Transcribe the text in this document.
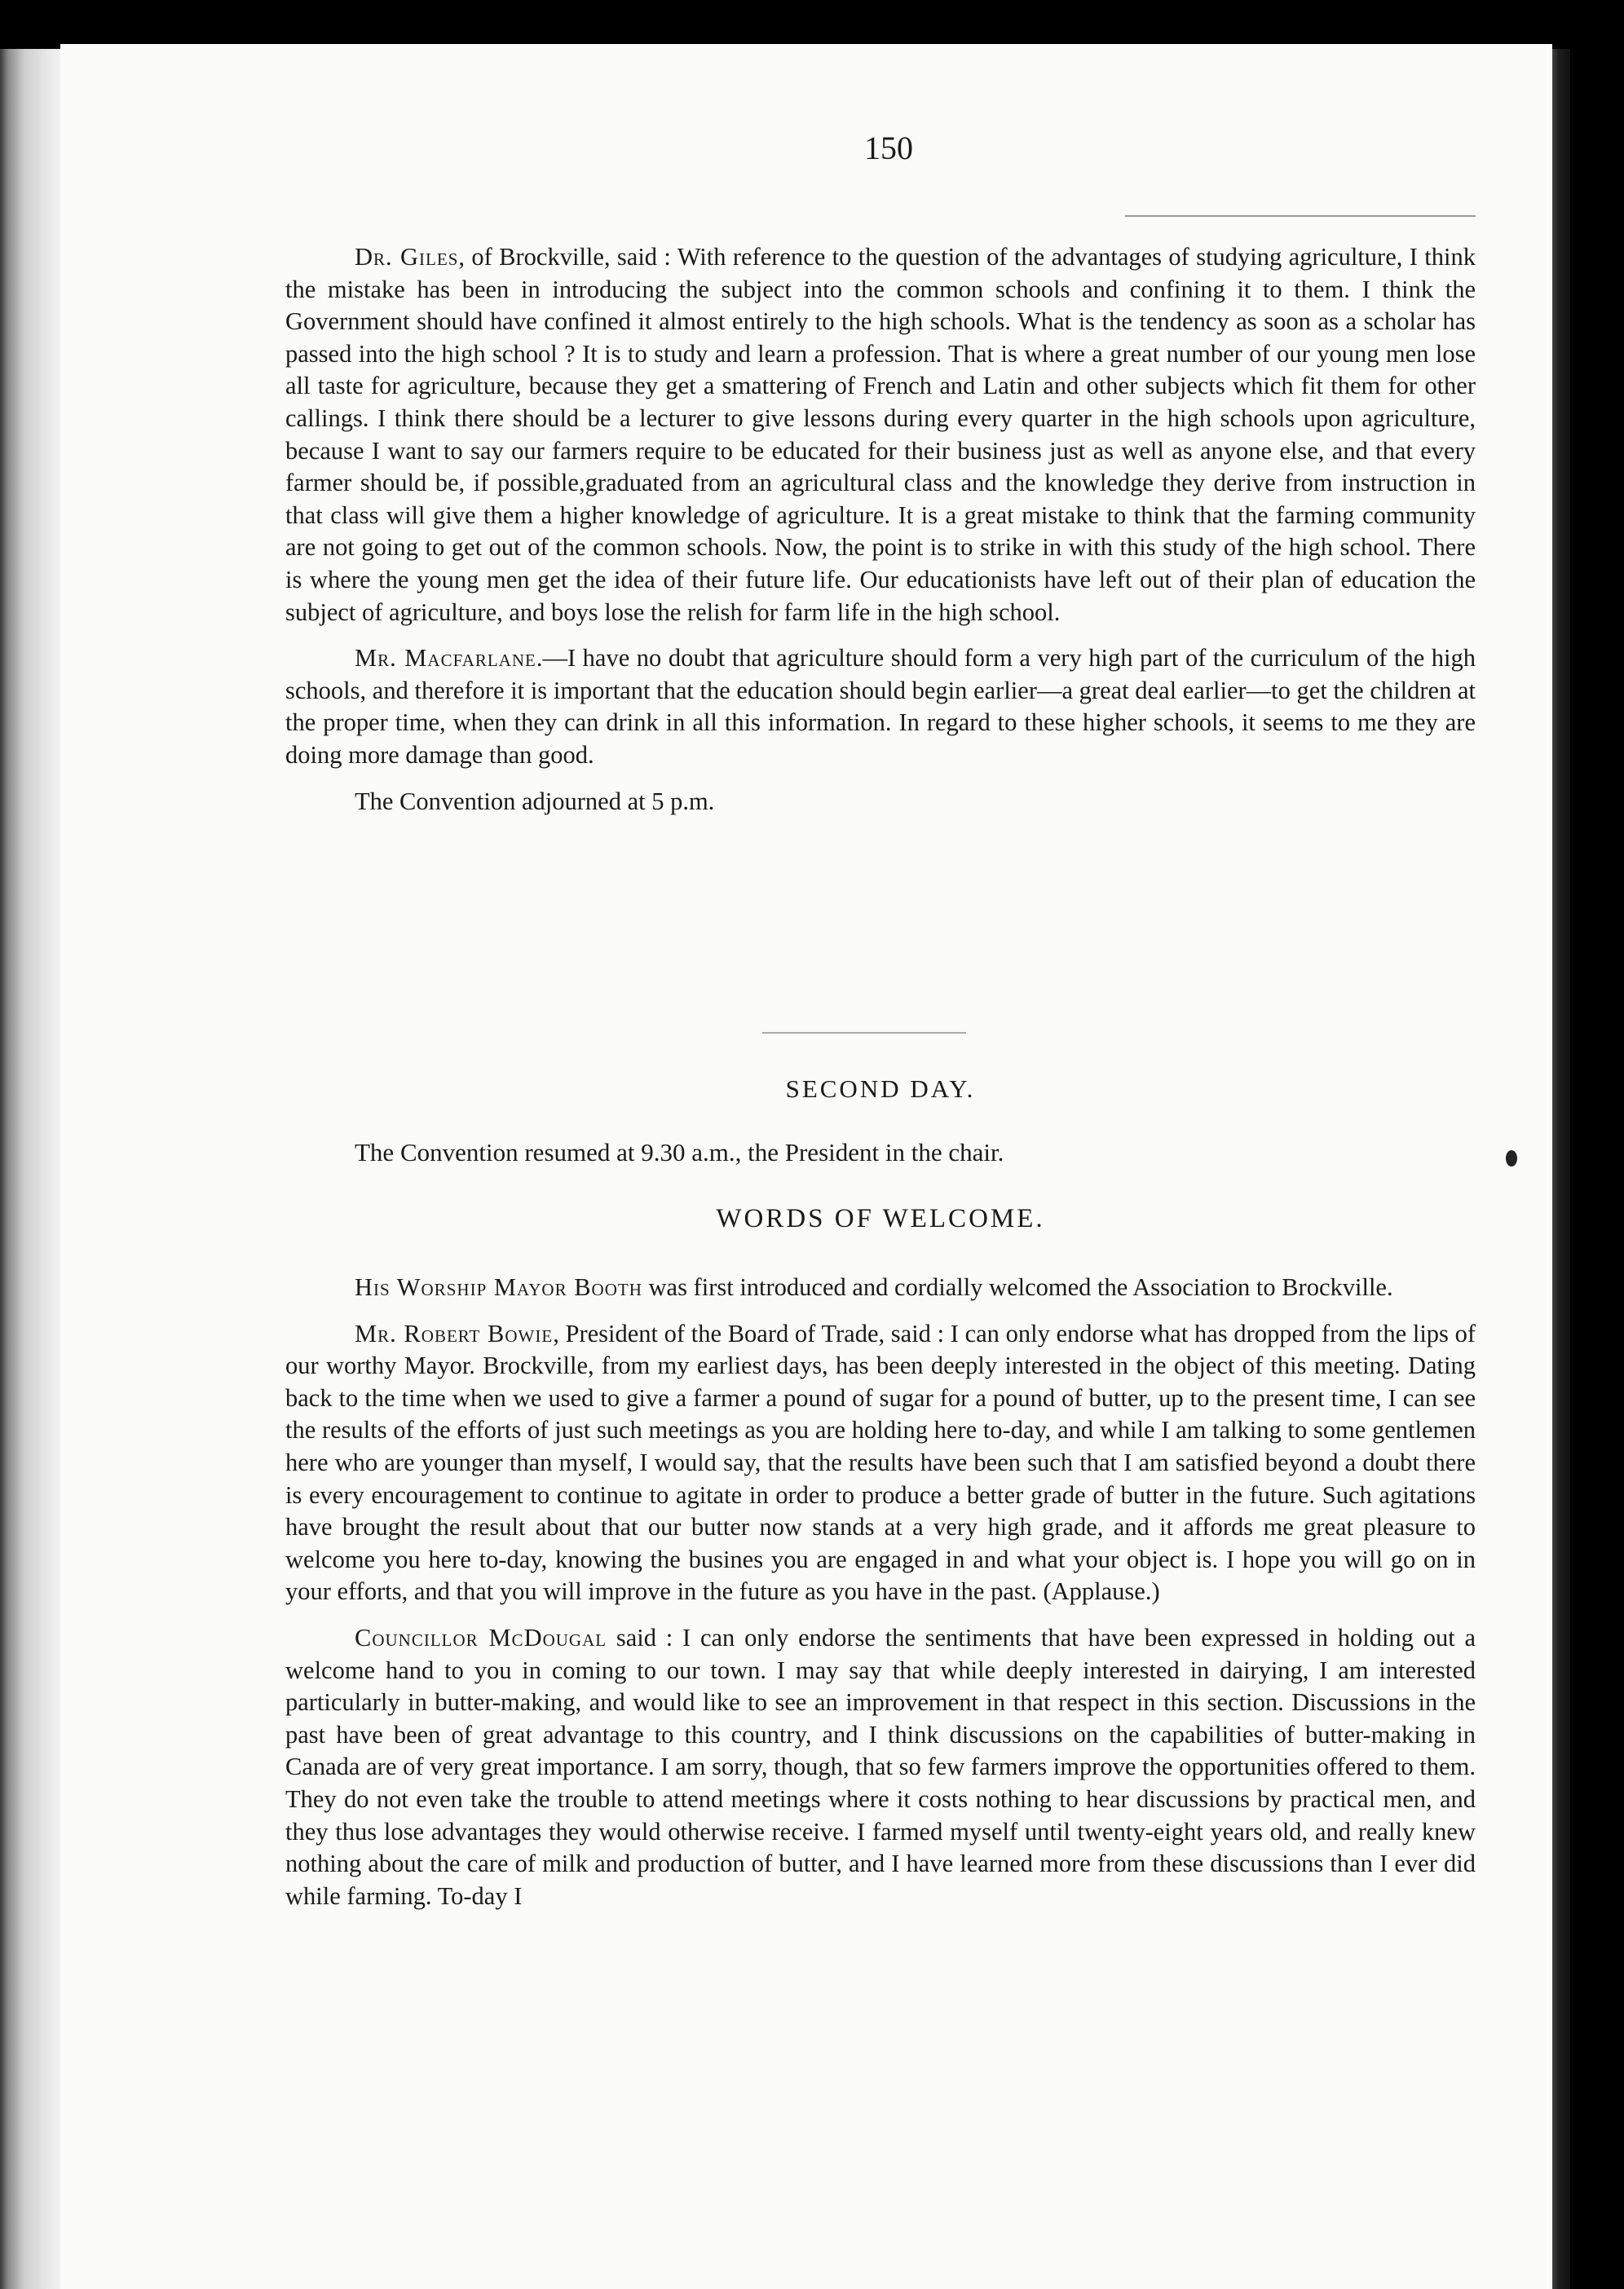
150

Dr. Giles, of Brockville, said : With reference to the question of the advantages of studying agriculture, I think the mistake has been in introducing the subject into the common schools and confining it to them. I think the Government should have confined it almost entirely to the high schools. What is the tendency as soon as a scholar has passed into the high school ? It is to study and learn a profession. That is where a great number of our young men lose all taste for agriculture, because they get a smattering of French and Latin and other subjects which fit them for other callings. I think there should be a lecturer to give lessons during every quarter in the high schools upon agriculture, because I want to say our farmers require to be educated for their business just as well as anyone else, and that every farmer should be, if possible,graduated from an agricultural class and the knowledge they derive from instruction in that class will give them a higher knowledge of agriculture. It is a great mistake to think that the farming community are not going to get out of the common schools. Now, the point is to strike in with this study of the high school. There is where the young men get the idea of their future life. Our educationists have left out of their plan of education the subject of agriculture, and boys lose the relish for farm life in the high school.

Mr. Macfarlane.—I have no doubt that agriculture should form a very high part of the curriculum of the high schools, and therefore it is important that the education should begin earlier—a great deal earlier—to get the children at the proper time, when they can drink in all this information. In regard to these higher schools, it seems to me they are doing more damage than good.

The Convention adjourned at 5 p.m.

SECOND DAY.
The Convention resumed at 9.30 a.m., the President in the chair.
WORDS OF WELCOME.

His Worship Mayor Booth was first introduced and cordially welcomed the Association to Brockville.

Mr. Robert Bowie, President of the Board of Trade, said : I can only endorse what has dropped from the lips of our worthy Mayor. Brockville, from my earliest days, has been deeply interested in the object of this meeting. Dating back to the time when we used to give a farmer a pound of sugar for a pound of butter, up to the present time, I can see the results of the efforts of just such meetings as you are holding here to-day, and while I am talking to some gentlemen here who are younger than myself, I would say, that the results have been such that I am satisfied beyond a doubt there is every encouragement to continue to agitate in order to produce a better grade of butter in the future. Such agitations have brought the result about that our butter now stands at a very high grade, and it affords me great pleasure to welcome you here to-day, knowing the busines you are engaged in and what your object is. I hope you will go on in your efforts, and that you will improve in the future as you have in the past. (Applause.)

Councillor McDougal said : I can only endorse the sentiments that have been expressed in holding out a welcome hand to you in coming to our town. I may say that while deeply interested in dairying, I am interested particularly in butter-making, and would like to see an improvement in that respect in this section. Discussions in the past have been of great advantage to this country, and I think discussions on the capabilities of butter-making in Canada are of very great importance. I am sorry, though, that so few farmers improve the opportunities offered to them. They do not even take the trouble to attend meetings where it costs nothing to hear discussions by practical men, and they thus lose advantages they would otherwise receive. I farmed myself until twenty-eight years old, and really knew nothing about the care of milk and production of butter, and I have learned more from these discussions than I ever did while farming. To-day I
